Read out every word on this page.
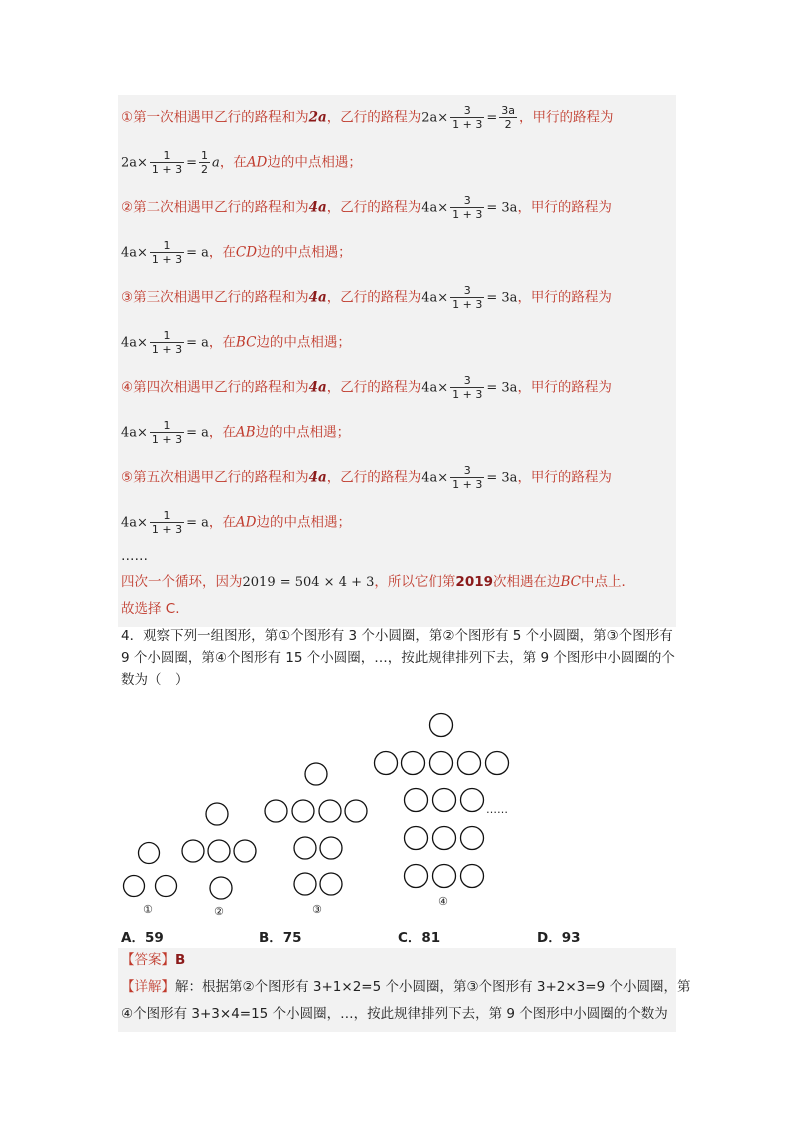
①第一次相遇甲乙行的路程和为2a，乙行的路程为$2a\times \frac{3}{1 + 3} = \frac{3a}{2}$ ，甲行的路程为
$2a\times \frac{1}{1 + 3} = \frac{1}{2}$ a，在AD边的中点相遇；
②第二次相遇甲乙行的路程和为4a，乙行的路程为$4a\times \frac{3}{1 + 3} = 3a$，甲行的路程为
$4a\times \frac{1}{1 + 3} = a$，在CD边的中点相遇；
③第三次相遇甲乙行的路程和为4a，乙行的路程为$4a\times \frac{3}{1 + 3} = 3a$，甲行的路程为
$4a\times \frac{1}{1 + 3} = a$，在BC边的中点相遇；
④第四次相遇甲乙行的路程和为4a，乙行的路程为$4a\times \frac{3}{1 + 3} = 3a$，甲行的路程为
$4a\times \frac{1}{1 + 3} = a$，在AB边的中点相遇；
⑤第五次相遇甲乙行的路程和为4a，乙行的路程为$4a\times \frac{3}{1 + 3} = 3a$，甲行的路程为
$4a\times \frac{1}{1 + 3} = a$，在AD边的中点相遇；
……
四次一个循环，因为2019 = 504 × 4 + 3，所以它们第2019次相遇在边BC中点上．
故选择 C.
4．观察下列一组图形，第①个图形有 3 个小圆圈，第②个图形有 5 个小圆圈，第③个图形有 9 个小圆圈，第④个图形有 15 个小圆圈，…，按此规律排列下去，第 9 个图形中小圆圈的个数为（　）
①	②	③
④
……
A．59	B．75	C．81	D．93
【答案】B
【详解】解：根据第②个图形有 3+1×2=5 个小圆圈，第③个图形有 3+2×3=9 个小圆圈，第
④个图形有 3+3×4=15 个小圆圈，…，按此规律排列下去，第 9 个图形中小圆圈的个数为
